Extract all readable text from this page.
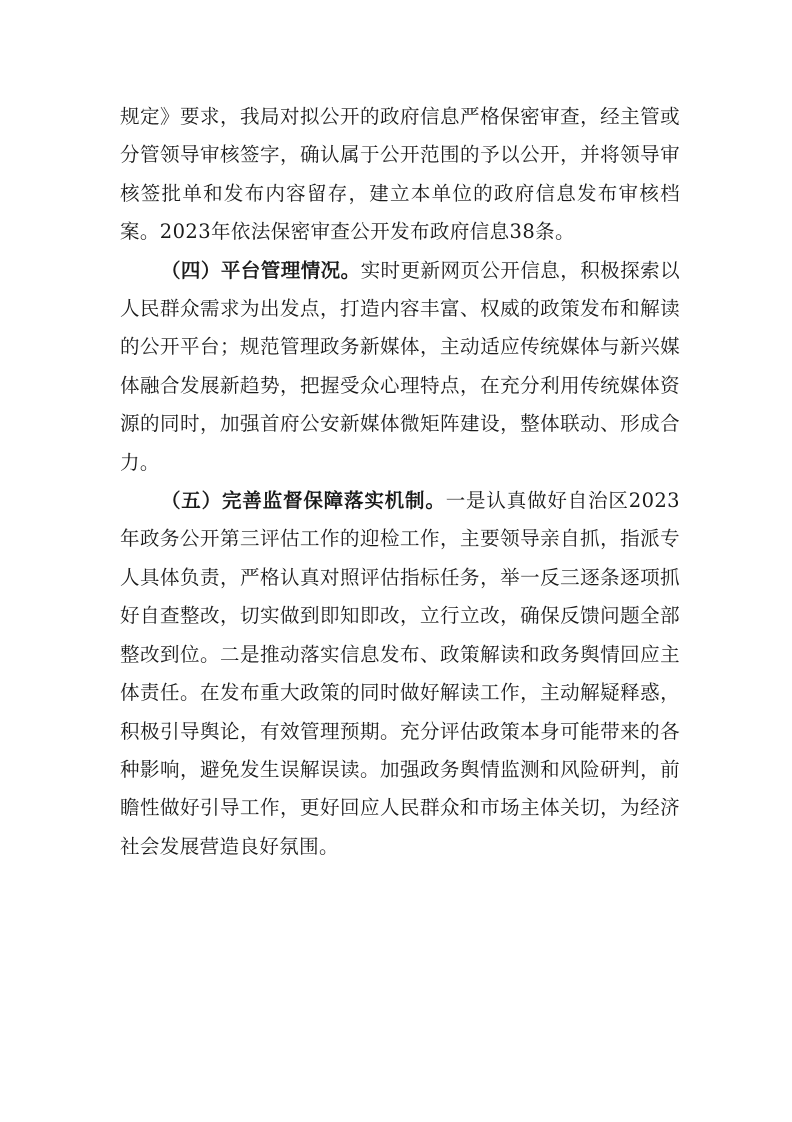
规定》要求，我局对拟公开的政府信息严格保密审查，经主管或分管领导审核签字，确认属于公开范围的予以公开，并将领导审核签批单和发布内容留存，建立本单位的政府信息发布审核档案。2023年依法保密审查公开发布政府信息38条。

（四）平台管理情况。实时更新网页公开信息，积极探索以人民群众需求为出发点，打造内容丰富、权威的政策发布和解读的公开平台；规范管理政务新媒体，主动适应传统媒体与新兴媒体融合发展新趋势，把握受众心理特点，在充分利用传统媒体资源的同时，加强首府公安新媒体微矩阵建设，整体联动、形成合力。

（五）完善监督保障落实机制。一是认真做好自治区2023年政务公开第三评估工作的迎检工作，主要领导亲自抓，指派专人具体负责，严格认真对照评估指标任务，举一反三逐条逐项抓好自查整改，切实做到即知即改，立行立改，确保反馈问题全部整改到位。二是推动落实信息发布、政策解读和政务舆情回应主体责任。在发布重大政策的同时做好解读工作，主动解疑释惑，积极引导舆论，有效管理预期。充分评估政策本身可能带来的各种影响，避免发生误解误读。加强政务舆情监测和风险研判，前瞻性做好引导工作，更好回应人民群众和市场主体关切，为经济社会发展营造良好氛围。
